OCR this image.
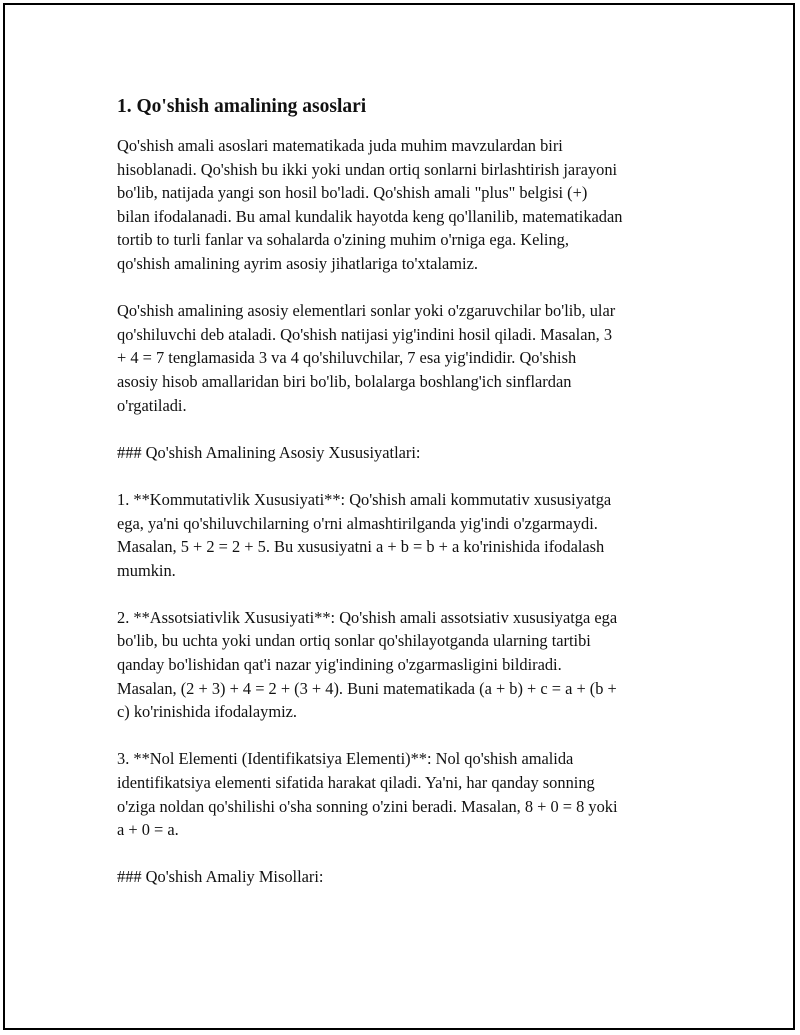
1. Qo'shish amalining asoslari

Qo'shish amali asoslari matematikada juda muhim mavzulardan biri
hisoblanadi. Qo'shish bu ikki yoki undan ortiq sonlarni birlashtirish jarayoni
bo'lib, natijada yangi son hosil bo'ladi. Qo'shish amali "plus" belgisi (+)
bilan ifodalanadi. Bu amal kundalik hayotda keng qo'llanilib, matematikadan
tortib to turli fanlar va sohalarda o'zining muhim o'rniga ega. Keling,
qo'shish amalining ayrim asosiy jihatlariga to'xtalamiz.

Qo'shish amalining asosiy elementlari sonlar yoki o'zgaruvchilar bo'lib, ular
qo'shiluvchi deb ataladi. Qo'shish natijasi yig'indini hosil qiladi. Masalan, 3
+ 4 = 7 tenglamasida 3 va 4 qo'shiluvchilar, 7 esa yig'indidir. Qo'shish
asosiy hisob amallaridan biri bo'lib, bolalarga boshlang'ich sinflardan
o'rgatiladi.

### Qo'shish Amalining Asosiy Xususiyatlari:

1. **Kommutativlik Xususiyati**: Qo'shish amali kommutativ xususiyatga
ega, ya'ni qo'shiluvchilarning o'rni almashtirilganda yig'indi o'zgarmaydi.
Masalan, 5 + 2 = 2 + 5. Bu xususiyatni a + b = b + a ko'rinishida ifodalash
mumkin.

2. **Assotsiativlik Xususiyati**: Qo'shish amali assotsiativ xususiyatga ega
bo'lib, bu uchta yoki undan ortiq sonlar qo'shilayotganda ularning tartibi
qanday bo'lishidan qat'i nazar yig'indining o'zgarmasligini bildiradi.
Masalan, (2 + 3) + 4 = 2 + (3 + 4). Buni matematikada (a + b) + c = a + (b +
c) ko'rinishida ifodalaymiz.

3. **Nol Elementi (Identifikatsiya Elementi)**: Nol qo'shish amalida
identifikatsiya elementi sifatida harakat qiladi. Ya'ni, har qanday sonning
o'ziga noldan qo'shilishi o'sha sonning o'zini beradi. Masalan, 8 + 0 = 8 yoki
a + 0 = a.

### Qo'shish Amaliy Misollari:
